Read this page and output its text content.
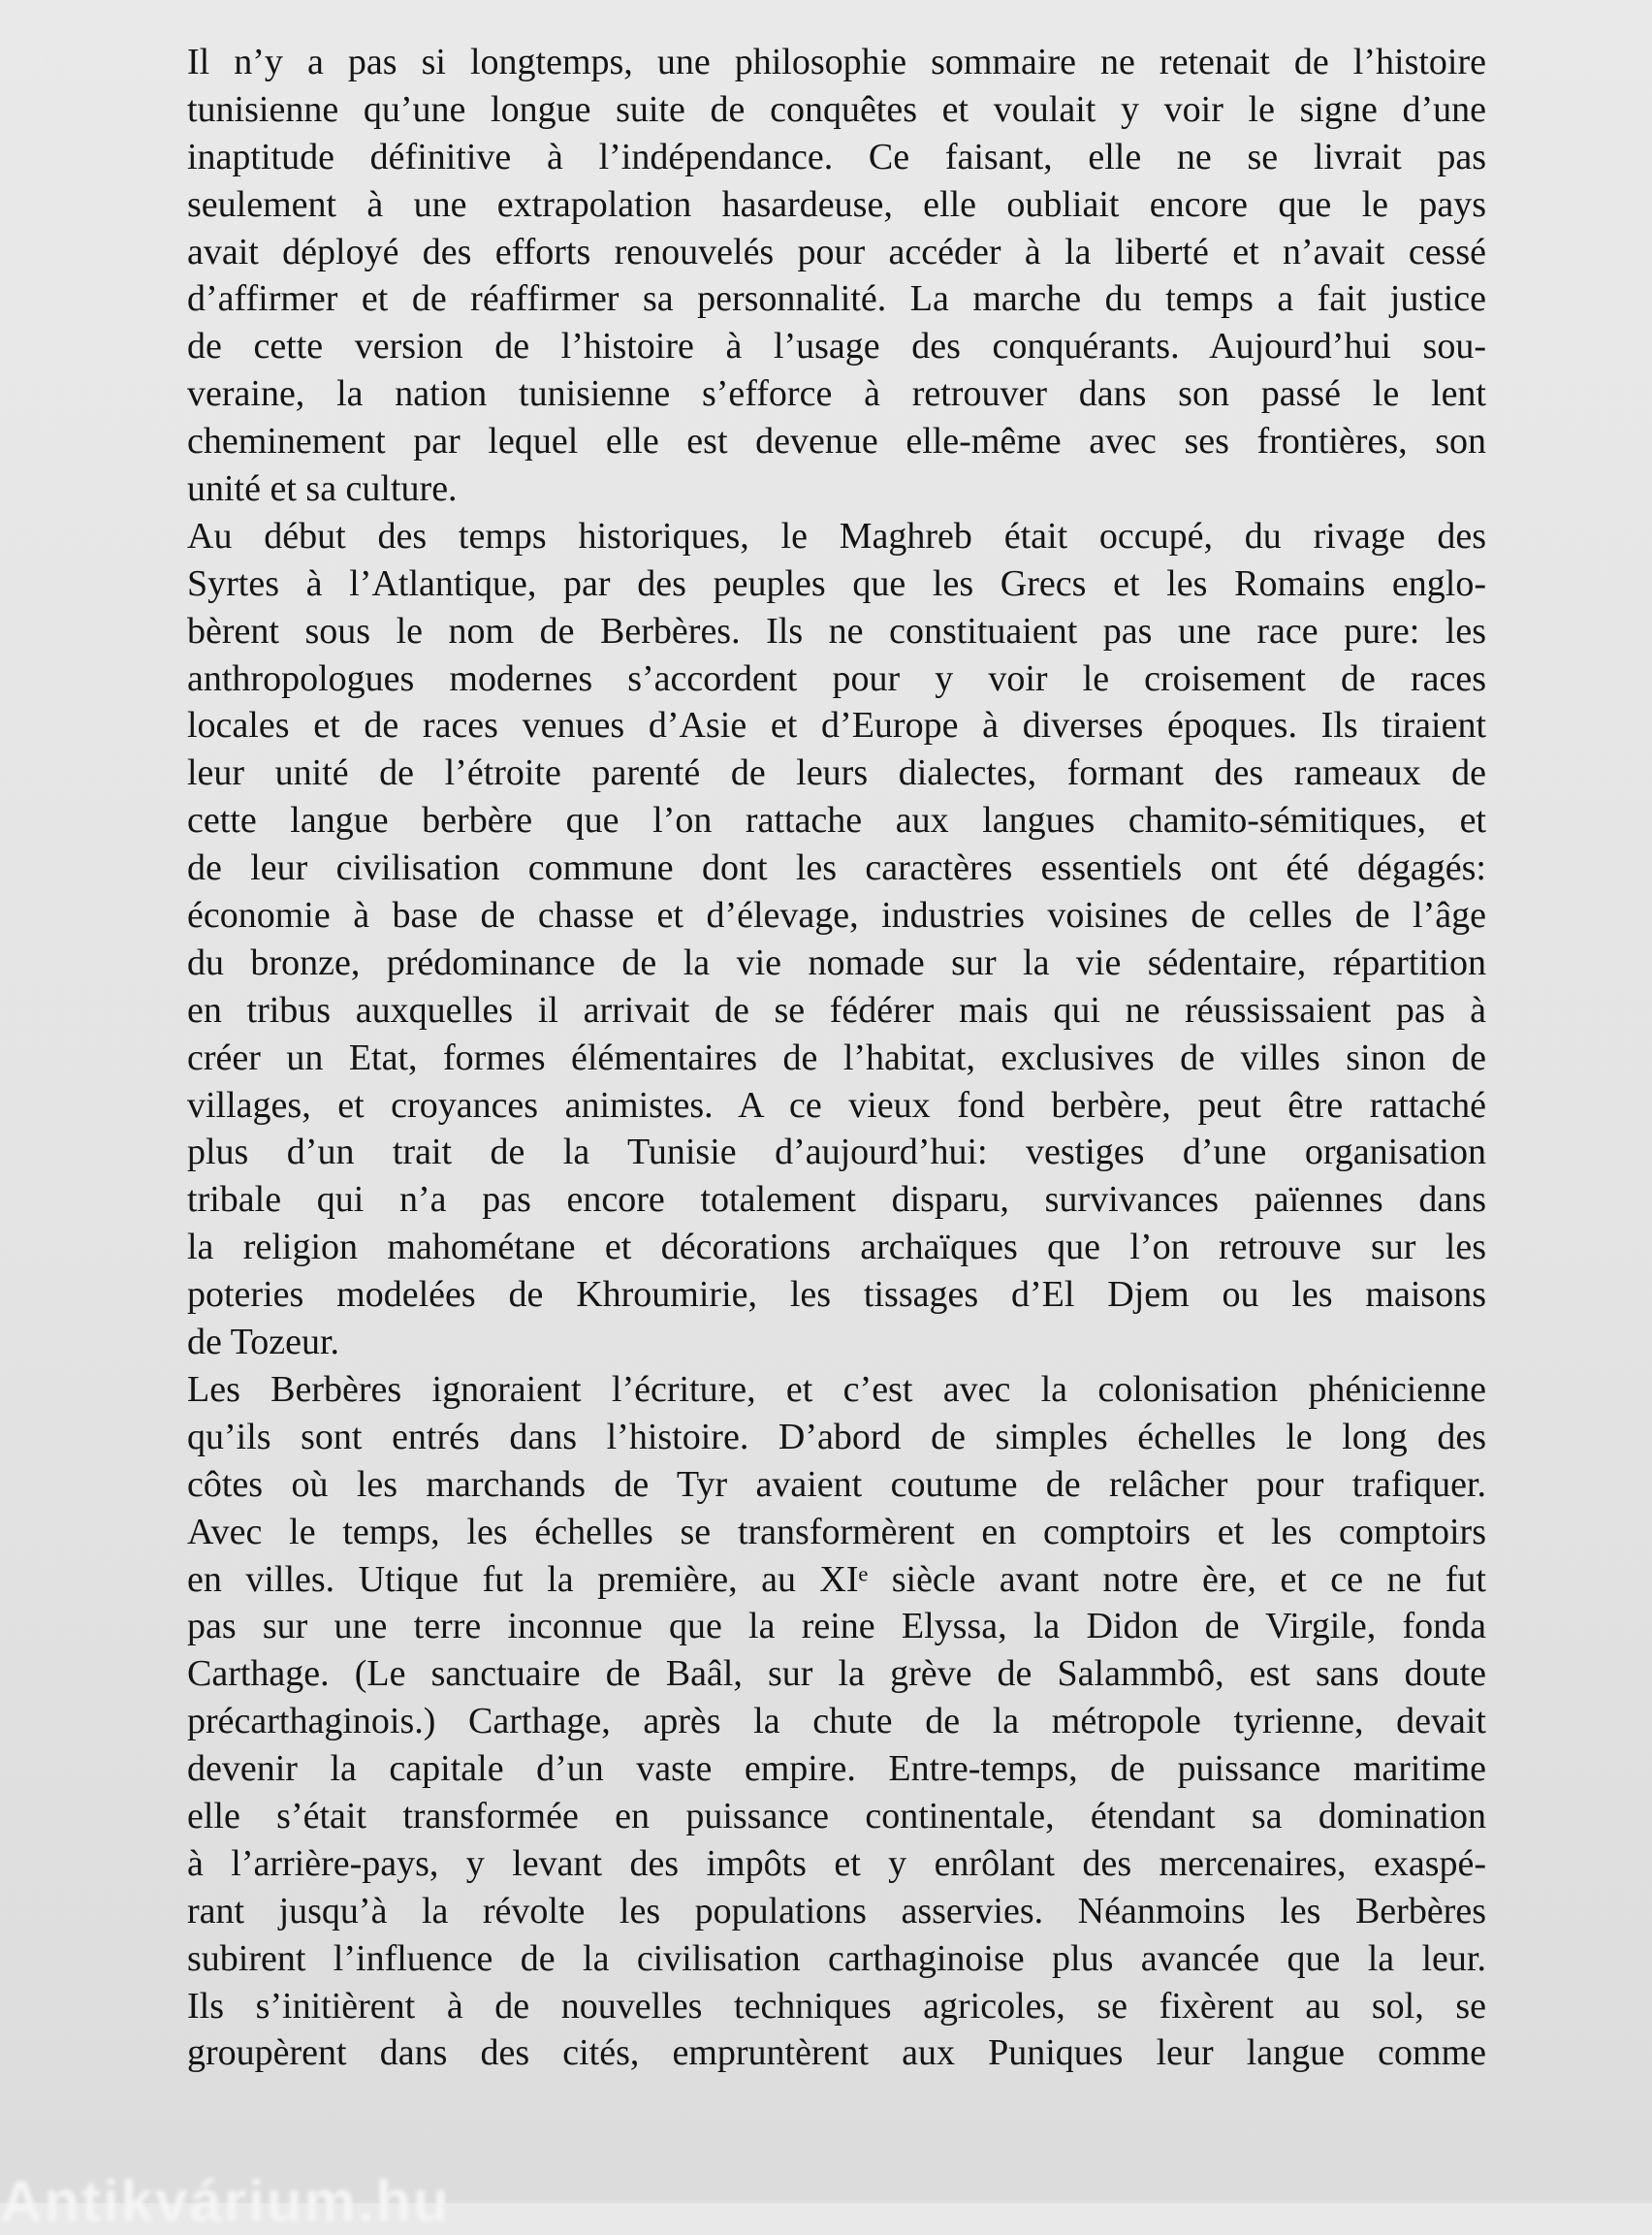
Il n’y a pas si longtemps, une philosophie sommaire ne retenait de l’histoire
tunisienne qu’une longue suite de conquêtes et voulait y voir le signe d’une
inaptitude définitive à l’indépendance. Ce faisant, elle ne se livrait pas
seulement à une extrapolation hasardeuse, elle oubliait encore que le pays
avait déployé des efforts renouvelés pour accéder à la liberté et n’avait cessé
d’affirmer et de réaffirmer sa personnalité. La marche du temps a fait justice
de cette version de l’histoire à l’usage des conquérants. Aujourd’hui sou-
veraine, la nation tunisienne s’efforce à retrouver dans son passé le lent
cheminement par lequel elle est devenue elle-même avec ses frontières, son
unité et sa culture.
Au début des temps historiques, le Maghreb était occupé, du rivage des
Syrtes à l’Atlantique, par des peuples que les Grecs et les Romains englo-
bèrent sous le nom de Berbères. Ils ne constituaient pas une race pure: les
anthropologues modernes s’accordent pour y voir le croisement de races
locales et de races venues d’Asie et d’Europe à diverses époques. Ils tiraient
leur unité de l’étroite parenté de leurs dialectes, formant des rameaux de
cette langue berbère que l’on rattache aux langues chamito-sémitiques, et
de leur civilisation commune dont les caractères essentiels ont été dégagés:
économie à base de chasse et d’élevage, industries voisines de celles de l’âge
du bronze, prédominance de la vie nomade sur la vie sédentaire, répartition
en tribus auxquelles il arrivait de se fédérer mais qui ne réussissaient pas à
créer un Etat, formes élémentaires de l’habitat, exclusives de villes sinon de
villages, et croyances animistes. A ce vieux fond berbère, peut être rattaché
plus d’un trait de la Tunisie d’aujourd’hui: vestiges d’une organisation
tribale qui n’a pas encore totalement disparu, survivances païennes dans
la religion mahométane et décorations archaïques que l’on retrouve sur les
poteries modelées de Khroumirie, les tissages d’El Djem ou les maisons
de Tozeur.
Les Berbères ignoraient l’écriture, et c’est avec la colonisation phénicienne
qu’ils sont entrés dans l’histoire. D’abord de simples échelles le long des
côtes où les marchands de Tyr avaient coutume de relâcher pour trafiquer.
Avec le temps, les échelles se transformèrent en comptoirs et les comptoirs
en villes. Utique fut la première, au XIᵉ siècle avant notre ère, et ce ne fut
pas sur une terre inconnue que la reine Elyssa, la Didon de Virgile, fonda
Carthage. (Le sanctuaire de Baâl, sur la grève de Salammbô, est sans doute
précarthaginois.) Carthage, après la chute de la métropole tyrienne, devait
devenir la capitale d’un vaste empire. Entre-temps, de puissance maritime
elle s’était transformée en puissance continentale, étendant sa domination
à l’arrière-pays, y levant des impôts et y enrôlant des mercenaires, exaspé-
rant jusqu’à la révolte les populations asservies. Néanmoins les Berbères
subirent l’influence de la civilisation carthaginoise plus avancée que la leur.
Ils s’initièrent à de nouvelles techniques agricoles, se fixèrent au sol, se
groupèrent dans des cités, empruntèrent aux Puniques leur langue comme
Antikvárium.hu
